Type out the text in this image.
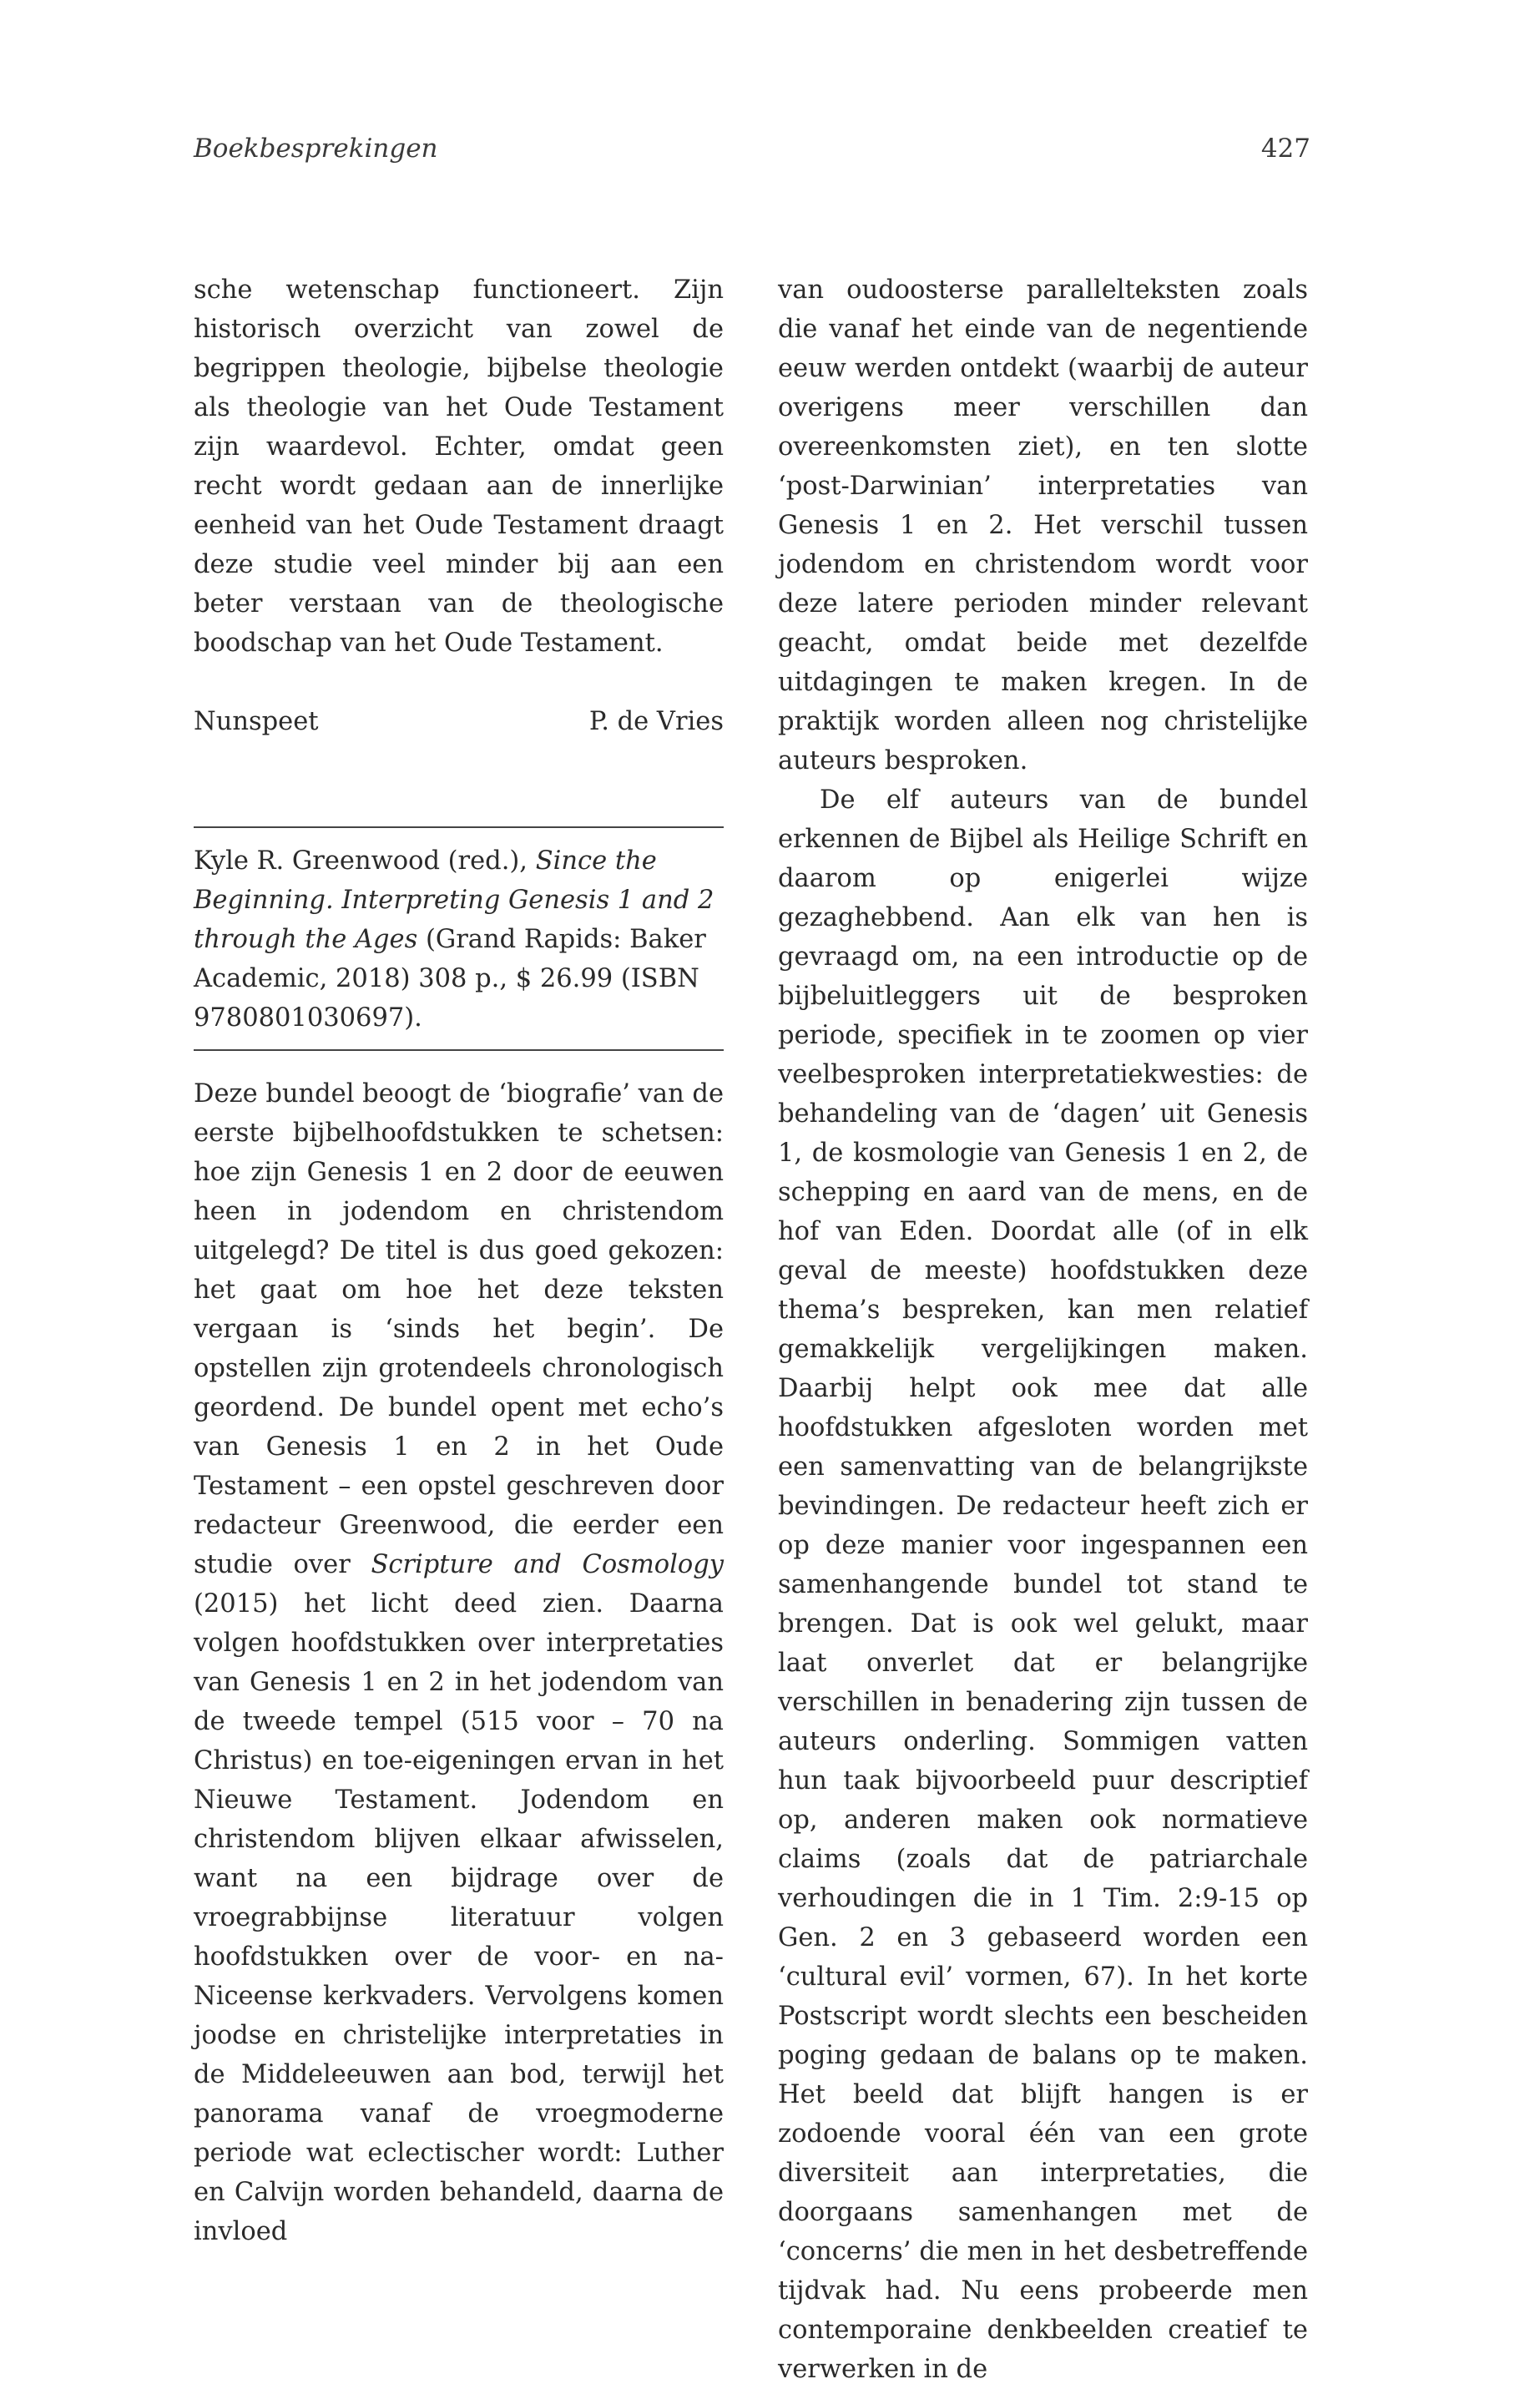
Boekbesprekingen	427

sche wetenschap functioneert. Zijn historisch overzicht van zowel de begrippen theologie, bijbelse theologie als theologie van het Oude Testament zijn waardevol. Echter, omdat geen recht wordt gedaan aan de innerlijke eenheid van het Oude Testament draagt deze studie veel minder bij aan een beter verstaan van de theologische boodschap van het Oude Testament.

Nunspeet	P. de Vries
Kyle R. Greenwood (red.), Since the Beginning. Interpreting Genesis 1 and 2 through the Ages (Grand Rapids: Baker Academic, 2018) 308 p., $ 26.99 (ISBN 9780801030697).

Deze bundel beoogt de ‘biografie’ van de eerste bijbelhoofdstukken te schetsen: hoe zijn Genesis 1 en 2 door de eeuwen heen in jodendom en christendom uitgelegd? De titel is dus goed gekozen: het gaat om hoe het deze teksten vergaan is ‘sinds het begin’. De opstellen zijn grotendeels chronologisch geordend. De bundel opent met echo’s van Genesis 1 en 2 in het Oude Testament – een opstel geschreven door redacteur Greenwood, die eerder een studie over Scripture and Cosmology (2015) het licht deed zien. Daarna volgen hoofdstukken over interpretaties van Genesis 1 en 2 in het jodendom van de tweede tempel (515 voor – 70 na Christus) en toe-eigeningen ervan in het Nieuwe Testament. Jodendom en christendom blijven elkaar afwisselen, want na een bijdrage over de vroegrabbijnse literatuur volgen hoofdstukken over de voor- en na-Niceense kerkvaders. Vervolgens komen joodse en christelijke interpretaties in de Middeleeuwen aan bod, terwijl het panorama vanaf de vroegmoderne periode wat eclectischer wordt: Luther en Calvijn worden behandeld, daarna de invloed

van oudoosterse parallelteksten zoals die vanaf het einde van de negentiende eeuw werden ontdekt (waarbij de auteur overigens meer verschillen dan overeenkomsten ziet), en ten slotte ‘post-Darwinian’ interpretaties van Genesis 1 en 2. Het verschil tussen jodendom en christendom wordt voor deze latere perioden minder relevant geacht, omdat beide met dezelfde uitdagingen te maken kregen. In de praktijk worden alleen nog christelijke auteurs besproken.

De elf auteurs van de bundel erkennen de Bijbel als Heilige Schrift en daarom op enigerlei wijze gezaghebbend. Aan elk van hen is gevraagd om, na een introductie op de bijbeluitleggers uit de besproken periode, specifiek in te zoomen op vier veelbesproken interpretatiekwesties: de behandeling van de ‘dagen’ uit Genesis 1, de kosmologie van Genesis 1 en 2, de schepping en aard van de mens, en de hof van Eden. Doordat alle (of in elk geval de meeste) hoofdstukken deze thema’s bespreken, kan men relatief gemakkelijk vergelijkingen maken. Daarbij helpt ook mee dat alle hoofdstukken afgesloten worden met een samenvatting van de belangrijkste bevindingen. De redacteur heeft zich er op deze manier voor ingespannen een samenhangende bundel tot stand te brengen. Dat is ook wel gelukt, maar laat onverlet dat er belangrijke verschillen in benadering zijn tussen de auteurs onderling. Sommigen vatten hun taak bijvoorbeeld puur descriptief op, anderen maken ook normatieve claims (zoals dat de patriarchale verhoudingen die in 1 Tim. 2:9-15 op Gen. 2 en 3 gebaseerd worden een ‘cultural evil’ vormen, 67). In het korte Postscript wordt slechts een bescheiden poging gedaan de balans op te maken. Het beeld dat blijft hangen is er zodoende vooral één van een grote diversiteit aan interpretaties, die doorgaans samenhangen met de ‘concerns’ die men in het desbetreffende tijdvak had. Nu eens probeerde men contemporaine denkbeelden creatief te verwerken in de
